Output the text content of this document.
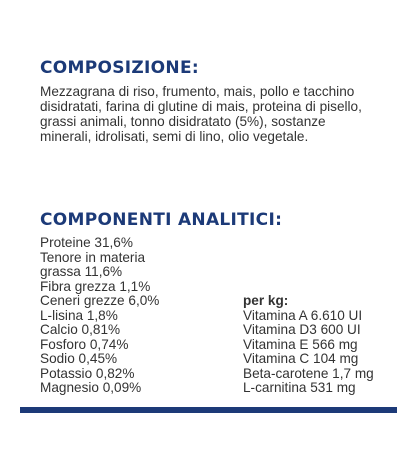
COMPOSIZIONE:

Mezzagrana di riso, frumento, mais, pollo e tacchino disidratati, farina di glutine di mais, proteina di pisello, grassi animali, tonno disidratato (5%), sostanze minerali, idrolisati, semi di lino, olio vegetale.

COMPONENTI ANALITICI:
Proteine 31,6%
Tenore in materia
grassa 11,6%
Fibra grezza 1,1%
Ceneri grezze 6,0%
L-lisina 1,8%
Calcio 0,81%
Fosforo 0,74%
Sodio 0,45%
Potassio 0,82%
Magnesio 0,09%
per kg:
Vitamina A 6.610 UI
Vitamina D3 600 UI
Vitamina E 566 mg
Vitamina C 104 mg
Beta-carotene 1,7 mg
L-carnitina 531 mg
